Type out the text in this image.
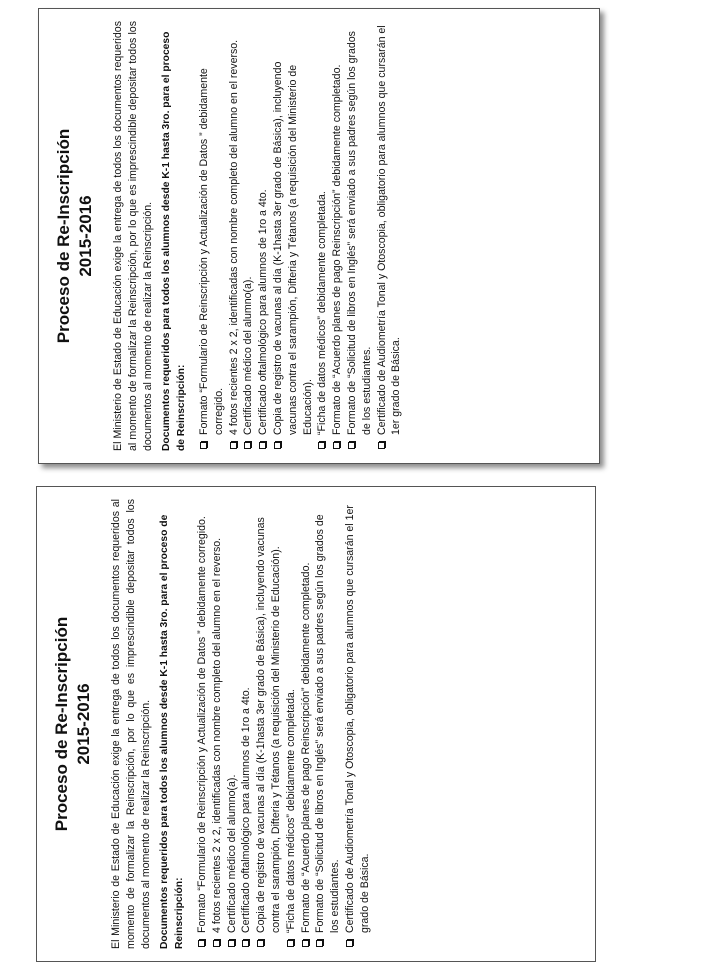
Proceso de Re-Inscripción 2015-2016 El Ministerio de Estado de Educación exige la entrega de todos los documentos requeridos al momento de formalizar la Reinscripción, por lo que es imprescindible depositar todos los documentos al momento de realizar la Reinscripción. Documentos requeridos para todos los alumnos desde K-1 hasta 3ro. para el proceso de Reinscripción: Formato “Formulario de Reinscripción y Actualización de Datos ” debidamente corregido. 4 fotos recientes 2 x 2, identificadas con nombre completo del alumno en el reverso. Certificado médico del alumno(a). Certificado oftalmológico para alumnos de 1ro a 4to. Copia de registro de vacunas al día (K-1hasta 3er grado de Básica), incluyendo vacunas contra el sarampión, Difteria y Tétanos (a requisición del Ministerio de Educación). “Ficha de datos médicos” debidamente completada. Formato de “Acuerdo planes de pago Reinscripción” debidamente completado. Formato de “Solicitud de libros en Inglés” será enviado a sus padres según los grados de los estudiantes. Certificado de Audiometría Tonal y Otoscopia, obligatorio para alumnos que cursarán el 1er grado de Básica.
Proceso de Re-Inscripción 2015-2016 El Ministerio de Estado de Educación exige la entrega de todos los documentos requeridos al momento de formalizar la Reinscripción, por lo que es imprescindible depositar todos los documentos al momento de realizar la Reinscripción. Documentos requeridos para todos los alumnos desde K-1 hasta 3ro. para el proceso de Reinscripción: Formato “Formulario de Reinscripción y Actualización de Datos ” debidamente corregido. 4 fotos recientes 2 x 2, identificadas con nombre completo del alumno en el reverso. Certificado médico del alumno(a). Certificado oftalmológico para alumnos de 1ro a 4to. Copia de registro de vacunas al día (K-1hasta 3er grado de Básica), incluyendo vacunas contra el sarampión, Difteria y Tétanos (a requisición del Ministerio de Educación). “Ficha de datos médicos” debidamente completada. Formato de “Acuerdo planes de pago Reinscripción” debidamente completado. Formato de “Solicitud de libros en Inglés” será enviado a sus padres según los grados de los estudiantes. Certificado de Audiometría Tonal y Otoscopia, obligatorio para alumnos que cursarán el 1er grado de Básica.
